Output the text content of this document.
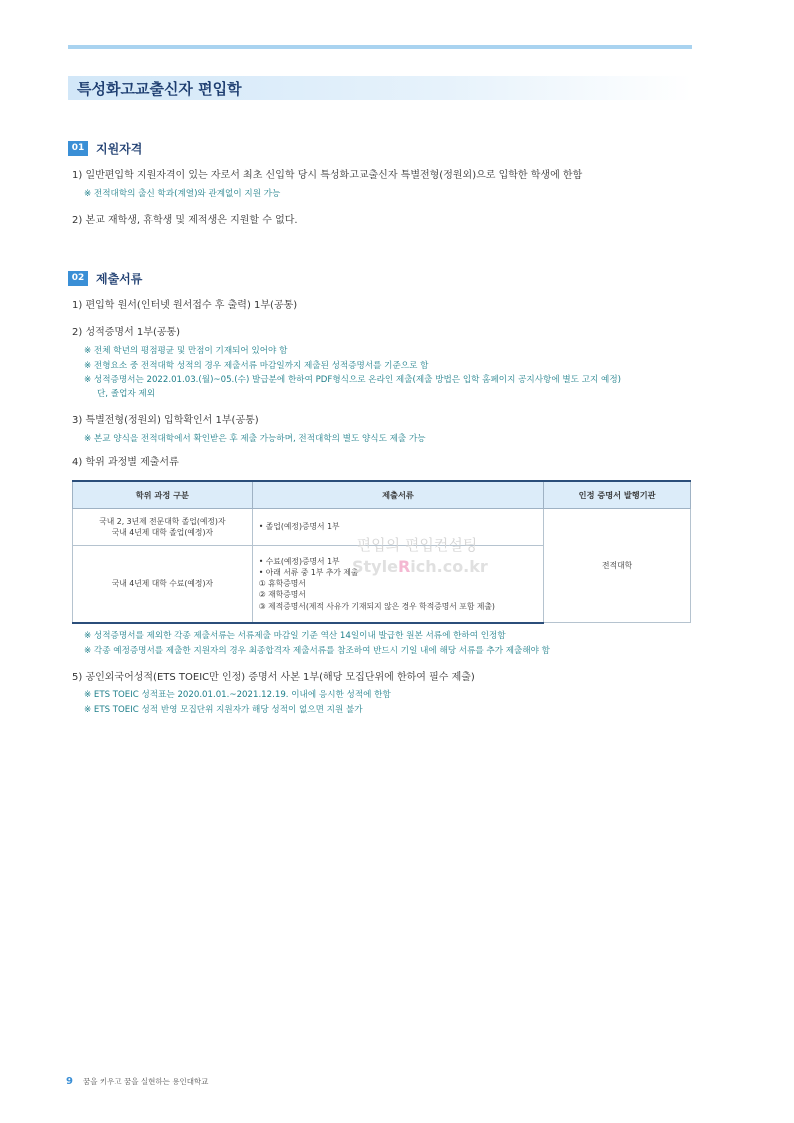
특성화고교출신자 편입학
01 지원자격
1) 일반편입학 지원자격이 있는 자로서 최초 신입학 당시 특성화고교출신자 특별전형(정원외)으로 입학한 학생에 한함
※ 전적대학의 출신 학과(계열)와 관계없이 지원 가능
2) 본교 재학생, 휴학생 및 제적생은 지원할 수 없다.
02 제출서류
1) 편입학 원서(인터넷 원서접수 후 출력) 1부(공통)
2) 성적증명서 1부(공통)
※ 전체 학년의 평점평균 및 만점이 기재되어 있어야 함
※ 전형요소 중 전적대학 성적의 경우 제출서류 마감일까지 제출된 성적증명서를 기준으로 함
※ 성적증명서는 2022.01.03.(월)~05.(수) 발급분에 한하여 PDF형식으로 온라인 제출(제출 방법은 입학 홈페이지 공지사항에 별도 고지 예정)
단, 졸업자 제외
3) 특별전형(정원외) 입학확인서 1부(공통)
※ 본교 양식을 전적대학에서 확인받은 후 제출 가능하며, 전적대학의 별도 양식도 제출 가능
4) 학위 과정별 제출서류
학위 과정 구분	제출서류	인정 증명서 발행기관

국내 2, 3년제 전문대학 졸업(예정)자
국내 4년제 대학 졸업(예정)자	• 졸업(예정)증명서 1부	전적대학
국내 4년제 대학 수료(예정)자	• 수료(예정)증명서 1부
• 아래 서류 중 1부 추가 제출
① 휴학증명서
② 재학증명서
③ 제적증명서(제적 사유가 기재되지 않은 경우 학적증명서 포함 제출)	
편입의 편입컨설팅
StyleRich.co.kr
※ 성적증명서를 제외한 각종 제출서류는 서류제출 마감일 기준 역산 14일이내 발급한 원본 서류에 한하여 인정함
※ 각종 예정증명서를 제출한 지원자의 경우 최종합격자 제출서류를 참조하여 반드시 기일 내에 해당 서류를 추가 제출해야 함
5) 공인외국어성적(ETS TOEIC만 인정) 증명서 사본 1부(해당 모집단위에 한하여 필수 제출)
※ ETS TOEIC 성적표는 2020.01.01.~2021.12.19. 이내에 응시한 성적에 한함
※ ETS TOEIC 성적 반영 모집단위 지원자가 해당 성적이 없으면 지원 불가
9 꿈을 키우고 꿈을 실현하는 용인대학교
